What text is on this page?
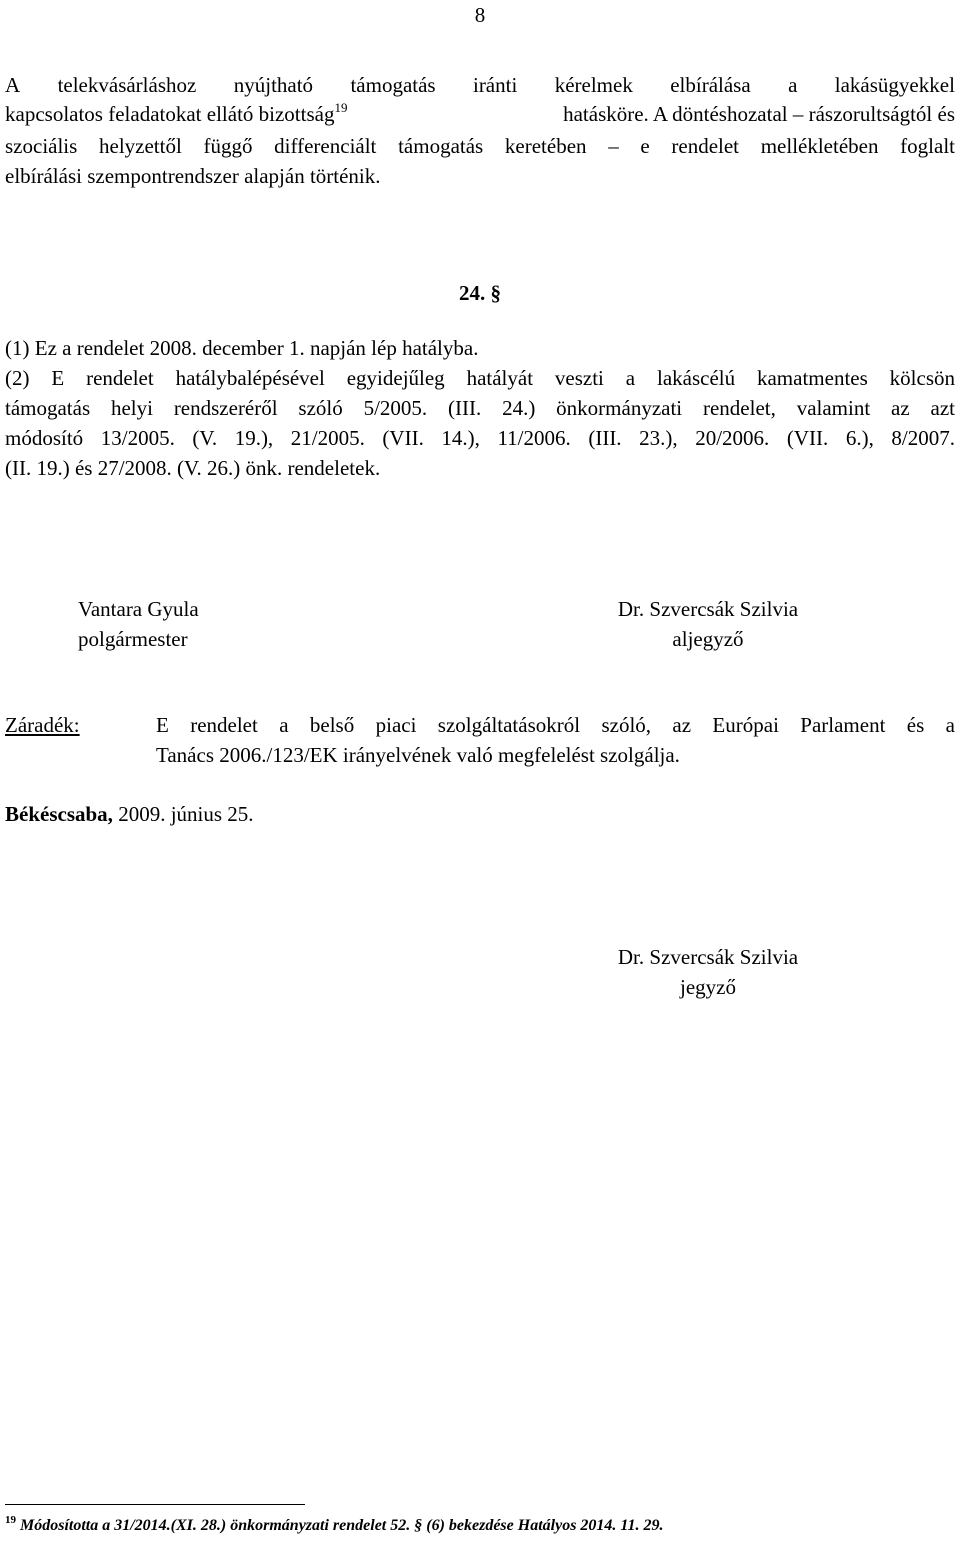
8
A telekvásárláshoz nyújtható támogatás iránti kérelmek elbírálása a lakásügyekkel
kapcsolatos feladatokat ellátó bizottság$^{19}$	hatásköre. A döntéshozatal – rászorultságtól és
szociális helyzettől függő differenciált támogatás keretében – e rendelet mellékletében foglalt
elbírálási szempontrendszer alapján történik.
24. §
(1) Ez a rendelet 2008. december 1. napján lép hatályba.
(2) E rendelet hatálybalépésével egyidejűleg hatályát veszti a lakáscélú kamatmentes kölcsön
támogatás helyi rendszeréről szóló 5/2005. (III. 24.) önkormányzati rendelet, valamint az azt
módosító 13/2005. (V. 19.), 21/2005. (VII. 14.), 11/2006. (III. 23.), 20/2006. (VII. 6.), 8/2007.
(II. 19.) és 27/2008. (V. 26.) önk. rendeletek.
Vantara Gyula
polgármester
Dr. Szvercsák Szilvia
aljegyző
Záradék:	E rendelet a belső piaci szolgáltatásokról szóló, az Európai Parlament és a
Tanács 2006./123/EK irányelvének való megfelelést szolgálja.
Békéscsaba, 2009. június 25.
Dr. Szvercsák Szilvia
jegyző
$^{19}$ Módosította a 31/2014.(XI. 28.) önkormányzati rendelet 52. § (6) bekezdése Hatályos 2014. 11. 29.
